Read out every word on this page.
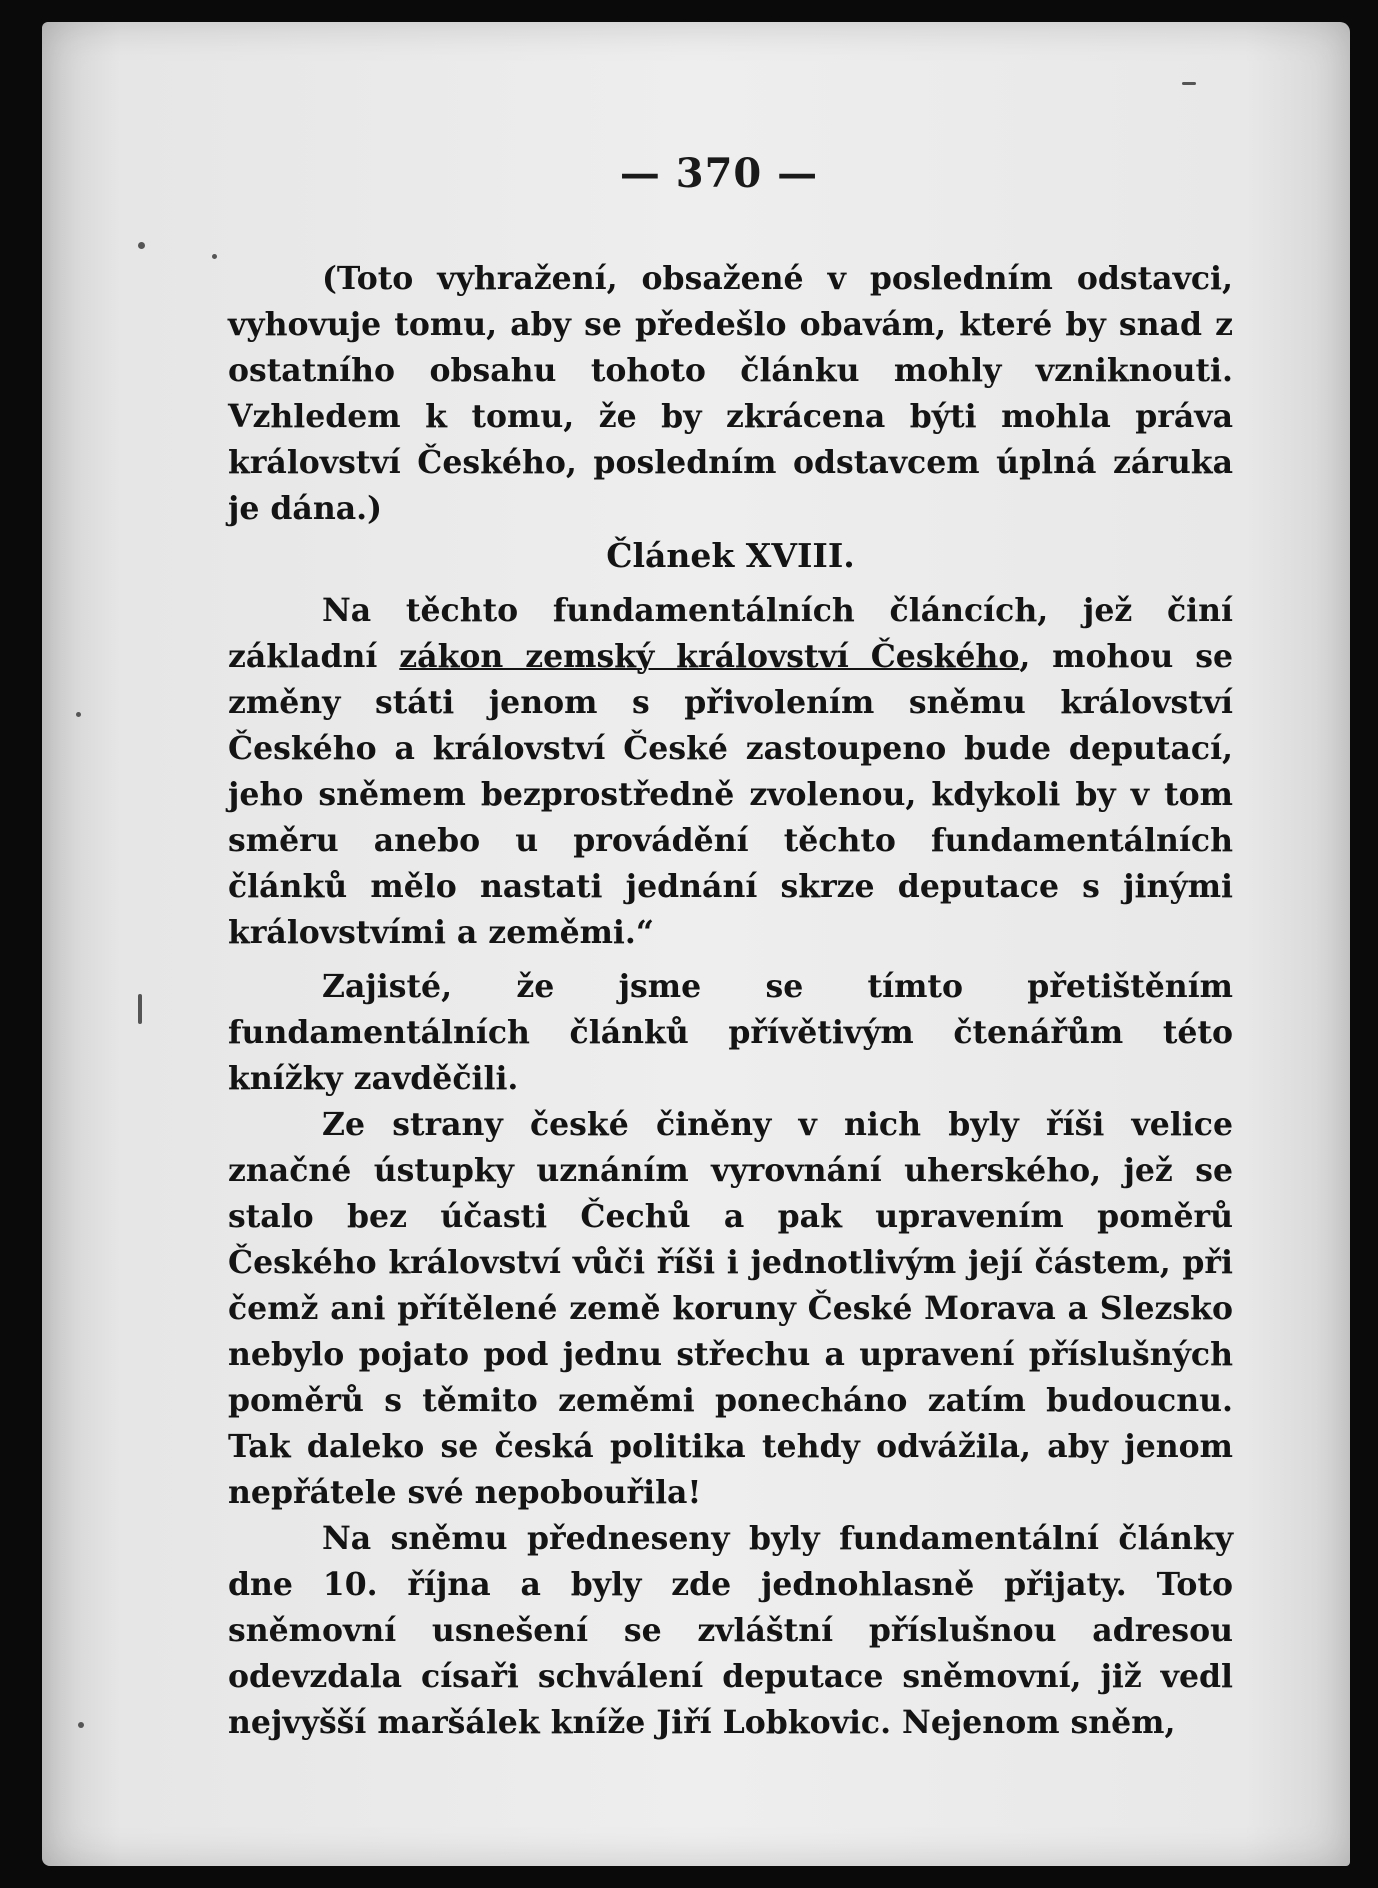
— 370 —

(Toto vyhražení, obsažené v posledním odstavci, vyhovuje tomu, aby se předešlo obavám, které by snad z ostatního obsahu tohoto článku mohly vzniknouti. Vzhledem k tomu, že by zkrácena býti mohla práva království Českého, posledním odstavcem úplná záruka je dána.)

Článek XVIII.

Na těchto fundamentálních článcích, jež činí základní zákon zemský království Českého, mohou se změny státi jenom s přivolením sněmu království Českého a království České zastoupeno bude deputací, jeho sněmem bezprostředně zvolenou, kdykoli by v tom směru anebo u provádění těchto fundamentálních článků mělo nastati jednání skrze deputace s jinými královstvími a zeměmi.“

Zajisté, že jsme se tímto přetištěním fundamentálních článků přívětivým čtenářům této knížky zavděčili.

Ze strany české činěny v nich byly říši velice značné ústupky uznáním vyrovnání uherského, jež se stalo bez účasti Čechů a pak upravením poměrů Českého království vůči říši i jednotlivým její částem, při čemž ani přítělené země koruny České Morava a Slezsko nebylo pojato pod jednu střechu a upravení příslušných poměrů s těmito zeměmi ponecháno zatím budoucnu. Tak daleko se česká politika tehdy odvážila, aby jenom nepřátele své nepobouřila!

Na sněmu předneseny byly fundamentální články dne 10. října a byly zde jednohlasně přijaty. Toto sněmovní usnešení se zvláštní příslušnou adresou odevzdala císaři schválení deputace sněmovní, již vedl nejvyšší maršálek kníže Jiří Lobkovic. Nejenom sněm,
